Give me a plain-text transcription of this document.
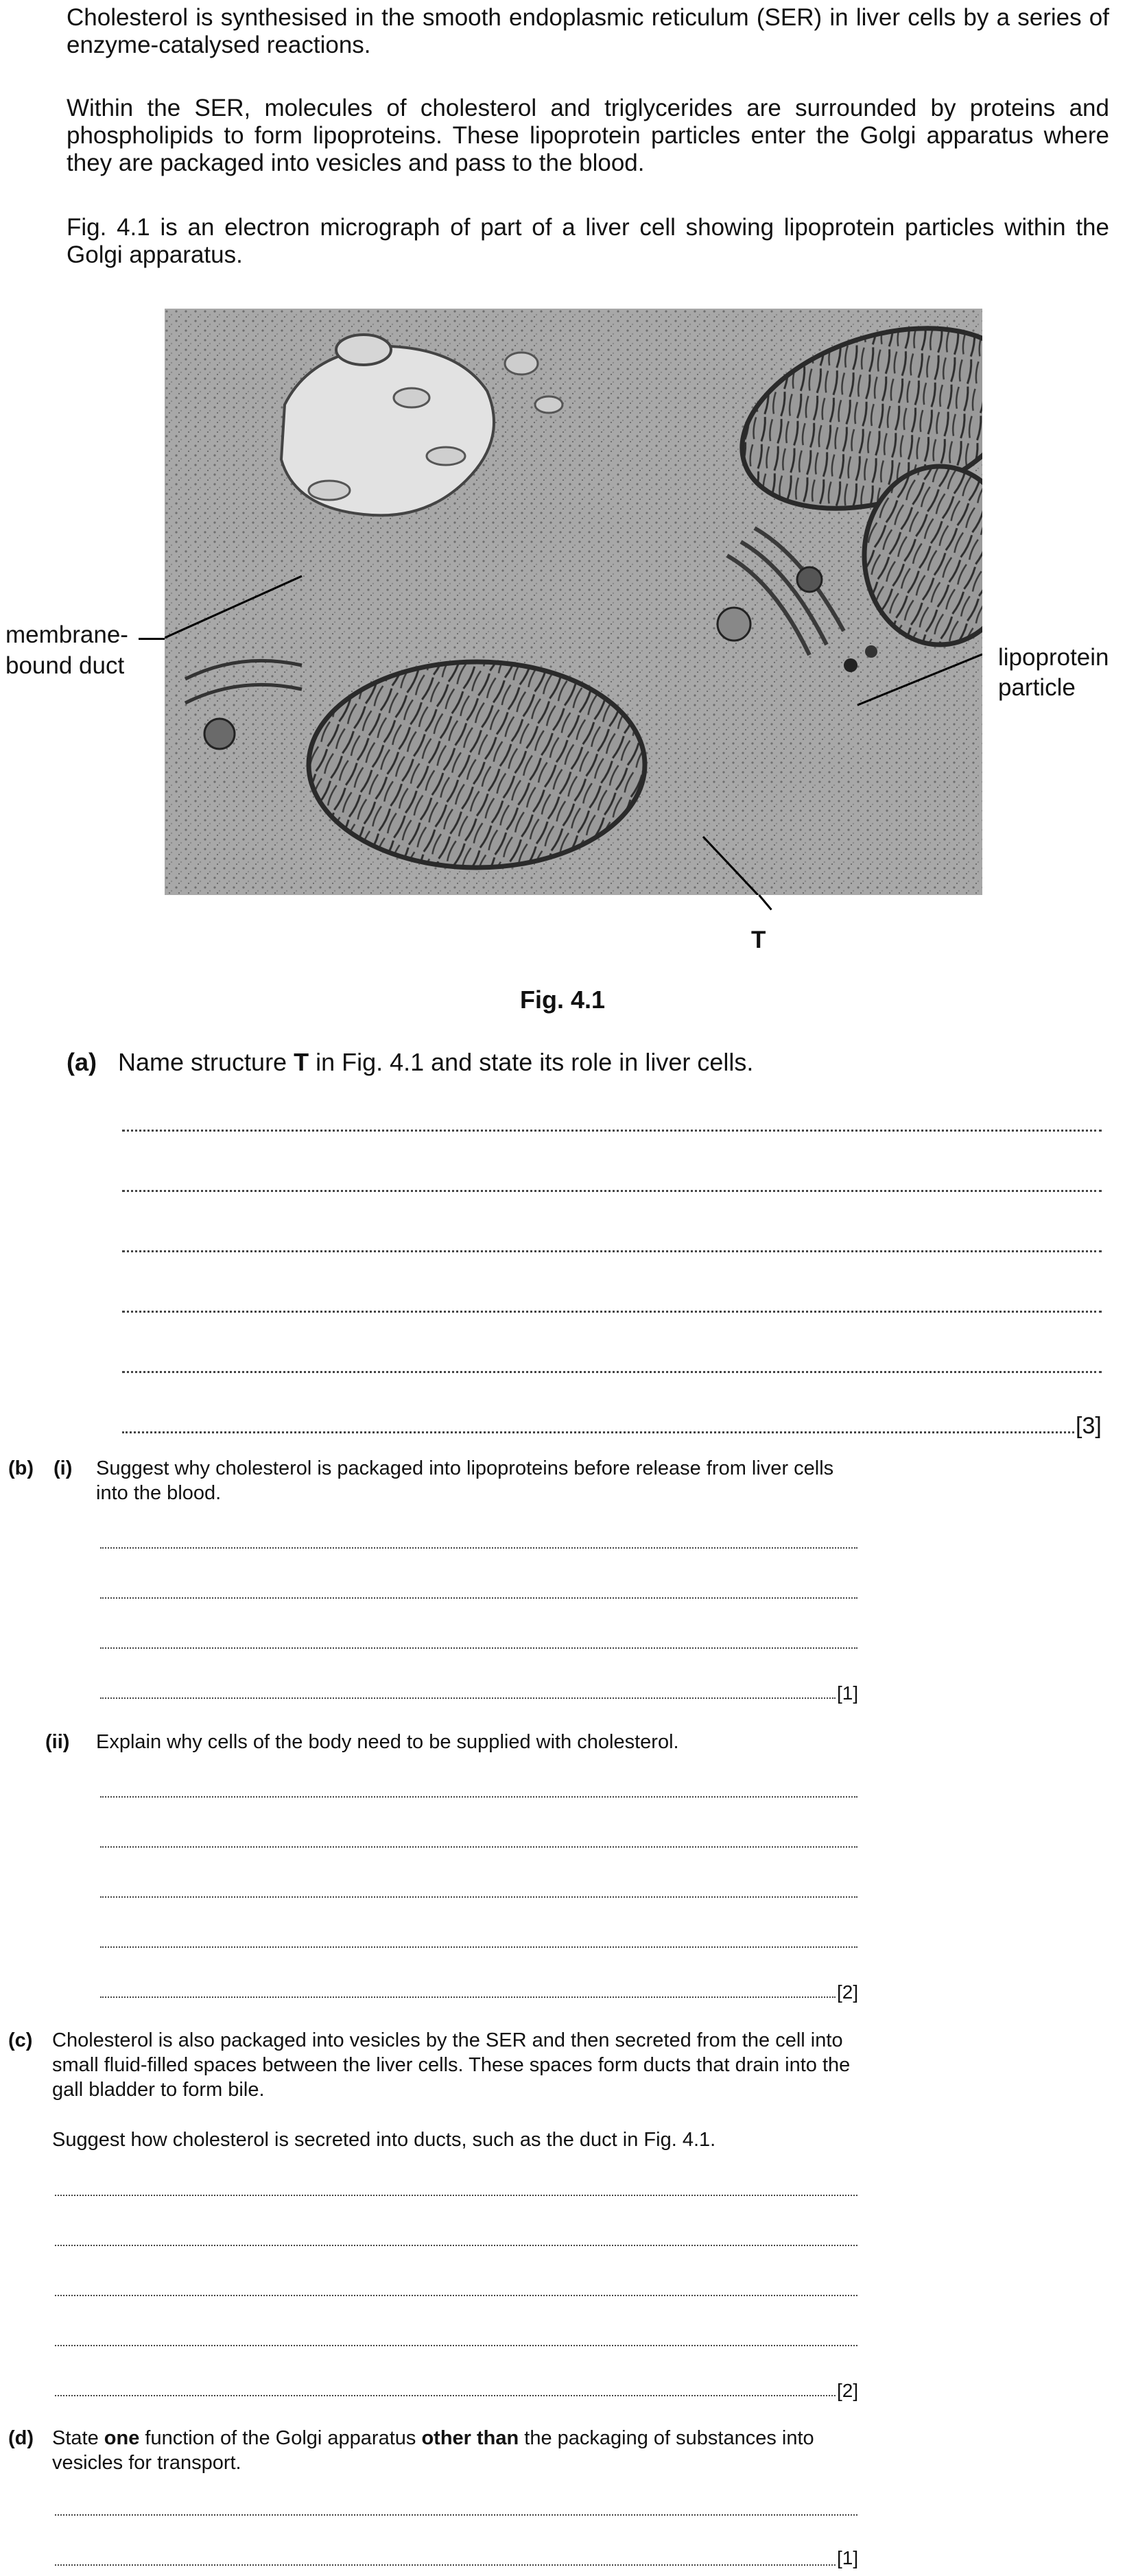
Cholesterol is synthesised in the smooth endoplasmic reticulum (SER) in liver cells by a series of enzyme-catalysed reactions.
Within the SER, molecules of cholesterol and triglycerides are surrounded by proteins and phospholipids to form lipoproteins. These lipoprotein particles enter the Golgi apparatus where they are packaged into vesicles and pass to the blood.
Fig. 4.1 is an electron micrograph of part of a liver cell showing lipoprotein particles within the Golgi apparatus.
membrane-
bound duct	lipoprotein
particle
T
Fig. 4.1
(a) Name structure T in Fig. 4.1 and state its role in liver cells.
[3]
(b) (i) Suggest why cholesterol is packaged into lipoproteins before release from liver cells into the blood.
[1]
(ii) Explain why cells of the body need to be supplied with cholesterol.
[2]
(c) Cholesterol is also packaged into vesicles by the SER and then secreted from the cell into small fluid-filled spaces between the liver cells. These spaces form ducts that drain into the gall bladder to form bile.
Suggest how cholesterol is secreted into ducts, such as the duct in Fig. 4.1.
[2]
(d) State one function of the Golgi apparatus other than the packaging of substances into vesicles for transport.
[1]
